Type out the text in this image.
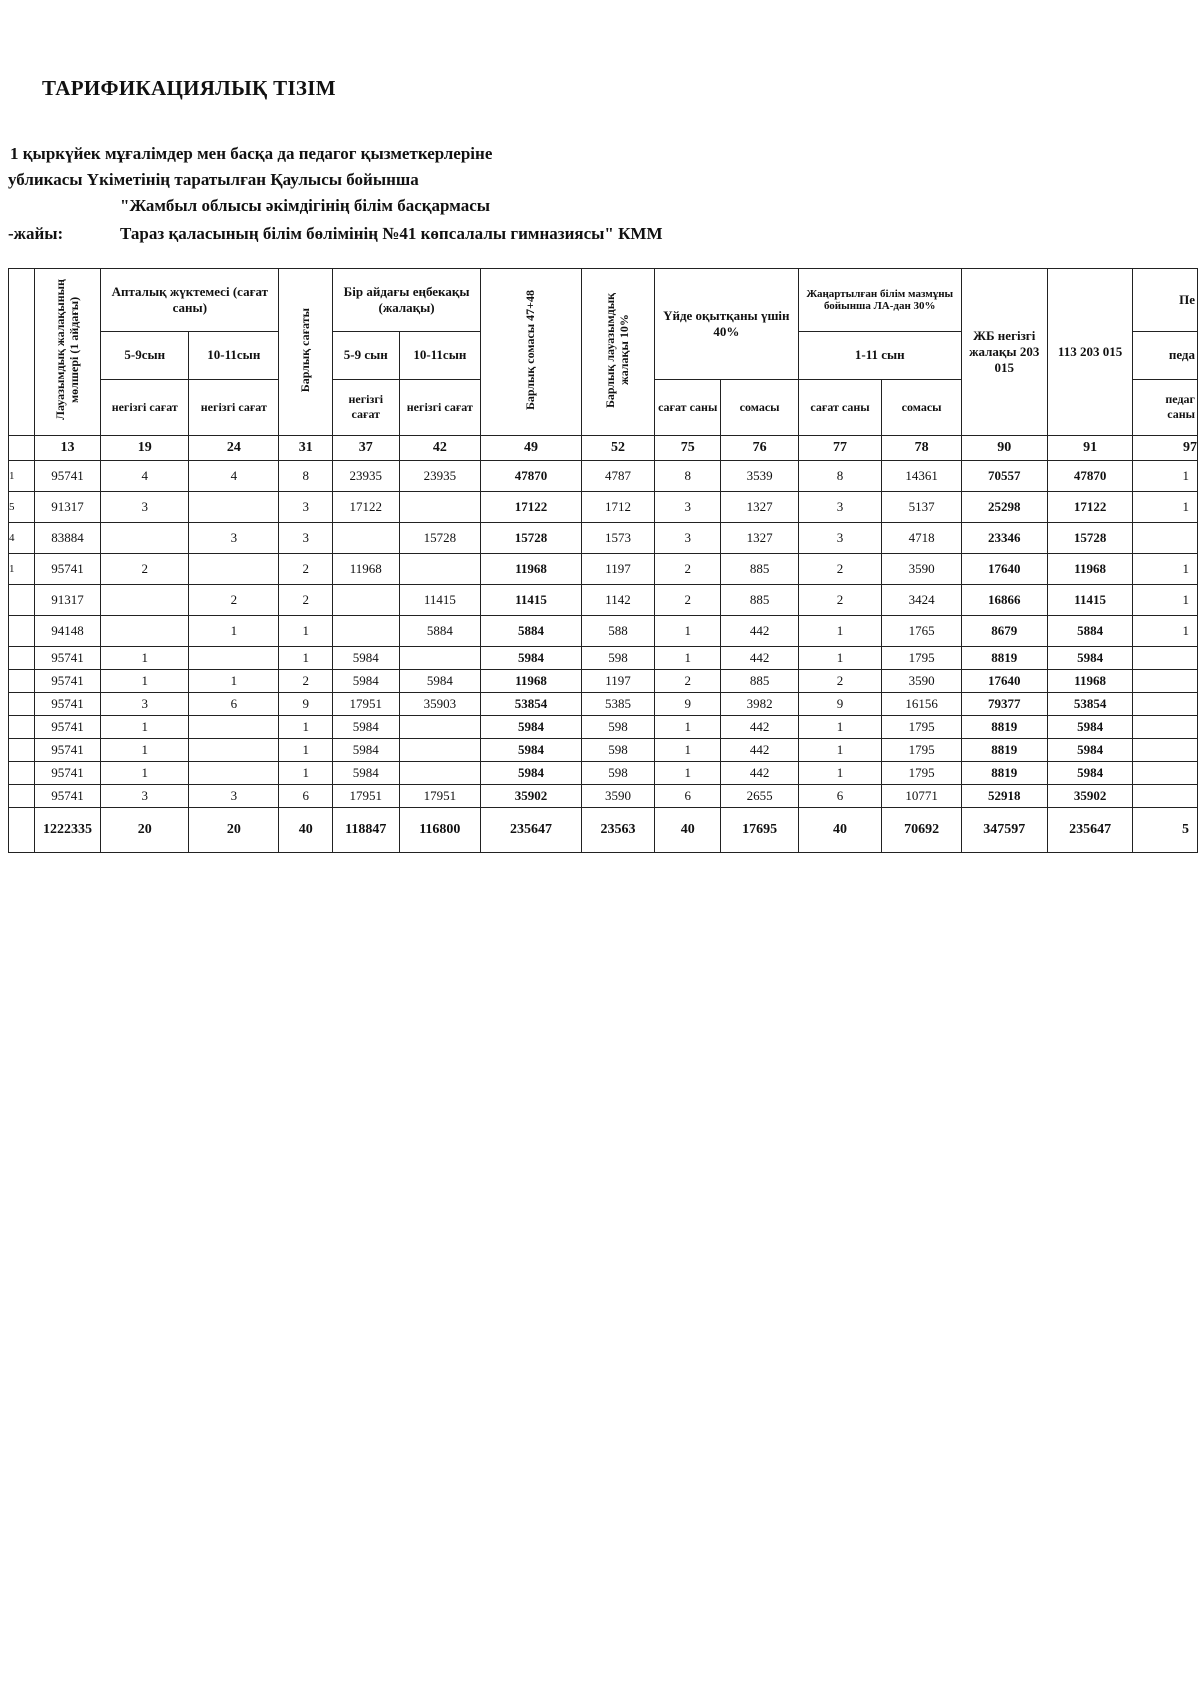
ТАРИФИКАЦИЯЛЫҚ ТІЗІМ
1 қыркүйек мұғалімдер мен басқа да педагог қызметкерлеріне
убликасы Үкіметінің таратылған Қаулысы бойынша
"Жамбыл облысы әкімдігінің білім басқармасы
-жайы:	Тараз қаласының білім бөлімінің №41 көпсалалы гимназиясы" КММ
	Лауазымдық жалақының мөлшері (1 айдағы)	Апталық жүктемесі (сағат саны)		Барлық сағаты	Бір айдағы еңбекақы (жалақы)		Барлық сомасы 47+48	Барлық лауазымдық жалақы 10%	Үйде оқытқаны үшін 40%		Жаңартылған білім мазмұны бойынша ЛА-дан 30%		ЖБ негізгі жалақы 203 015	113 203 015	Пе
		5-9сын	10-11сын		5-9 сын	10-11сын					1-11 сын				педа
		негізгі сағат	негізгі сағат		негізгі сағат	негізгі сағат			сағат саны	сомасы	сағат саны	сомасы			педаг саны
	13	19	24	31	37	42	49	52	75	76	77	78	90	91	97
1	95741	4	4	8	23935	23935	47870	4787	8	3539	8	14361	70557	47870	1
5	91317	3		3	17122		17122	1712	3	1327	3	5137	25298	17122	1
4	83884		3	3		15728	15728	1573	3	1327	3	4718	23346	15728	
1	95741	2		2	11968		11968	1197	2	885	2	3590	17640	11968	1
	91317		2	2		11415	11415	1142	2	885	2	3424	16866	11415	1
	94148		1	1		5884	5884	588	1	442	1	1765	8679	5884	1
	95741	1		1	5984		5984	598	1	442	1	1795	8819	5984	
	95741	1	1	2	5984	5984	11968	1197	2	885	2	3590	17640	11968	
	95741	3	6	9	17951	35903	53854	5385	9	3982	9	16156	79377	53854	
	95741	1		1	5984		5984	598	1	442	1	1795	8819	5984	
	95741	1		1	5984		5984	598	1	442	1	1795	8819	5984	
	95741	1		1	5984		5984	598	1	442	1	1795	8819	5984	
	95741	3	3	6	17951	17951	35902	3590	6	2655	6	10771	52918	35902	
	1222335	20	20	40	118847	116800	235647	23563	40	17695	40	70692	347597	235647	5
